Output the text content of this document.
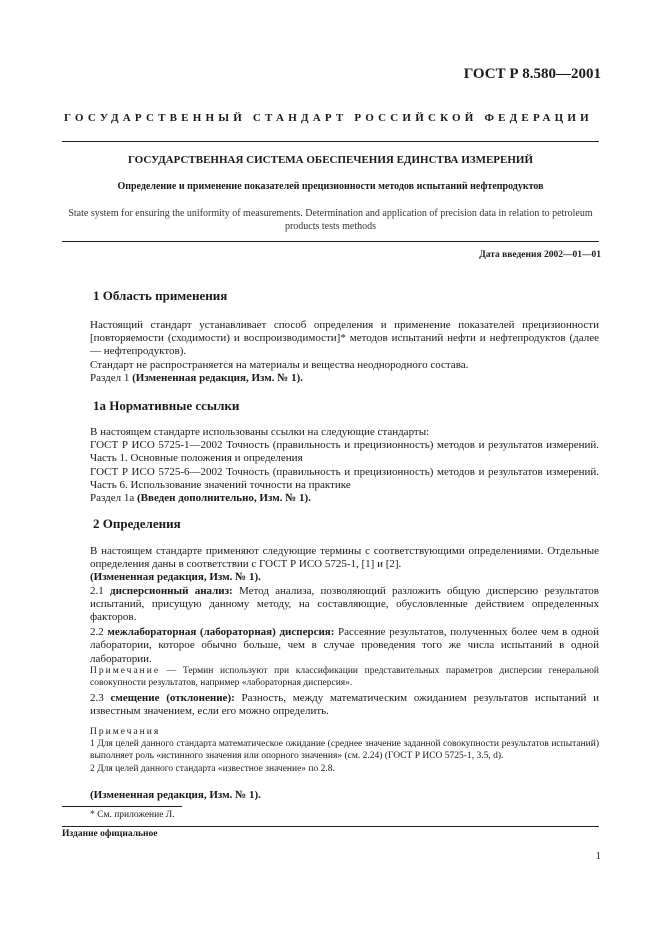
ГОСТ Р 8.580—2001
ГОСУДАРСТВЕННЫЙ СТАНДАРТ РОССИЙСКОЙ ФЕДЕРАЦИИ
ГОСУДАРСТВЕННАЯ СИСТЕМА ОБЕСПЕЧЕНИЯ ЕДИНСТВА ИЗМЕРЕНИЙ
Определение и применение показателей прецизионности методов испытаний нефтепродуктов
State system for ensuring the uniformity of measurements. Determination and application of precision data in relation to petroleum products tests methods
Дата введения 2002—01—01
1 Область применения
Настоящий стандарт устанавливает способ определения и применение показателей прецизионности [повторяемости (сходимости) и воспроизводимости]* методов испытаний нефти и нефтепродуктов (далее — нефтепродуктов).
Стандарт не распространяется на материалы и вещества неоднородного состава.
Раздел 1 (Измененная редакция, Изм. № 1).
1а Нормативные ссылки
В настоящем стандарте использованы ссылки на следующие стандарты:
ГОСТ Р ИСО 5725-1—2002 Точность (правильность и прецизионность) методов и результатов измерений. Часть 1. Основные положения и определения
ГОСТ Р ИСО 5725-6—2002 Точность (правильность и прецизионность) методов и результатов измерений. Часть 6. Использование значений точности на практике
Раздел 1а (Введен дополнительно, Изм. № 1).
2 Определения
В настоящем стандарте применяют следующие термины с соответствующими определениями. Отдельные определения даны в соответствии с ГОСТ Р ИСО 5725-1, [1] и [2].
(Измененная редакция, Изм. № 1).
2.1 дисперсионный анализ: Метод анализа, позволяющий разложить общую дисперсию результатов испытаний, присущую данному методу, на составляющие, обусловленные действием определенных факторов.
2.2 межлабораторная (лабораторная) дисперсия: Рассеяние результатов, полученных более чем в одной лаборатории, которое обычно больше, чем в случае проведения того же числа испытаний в одной лаборатории.
Примечание — Термин используют при классификации представительных параметров дисперсии генеральной совокупности результатов, например «лабораторная дисперсия».
2.3 смещение (отклонение): Разность, между математическим ожиданием результатов испытаний и известным значением, если его можно определить.
Примечания
1 Для целей данного стандарта математическое ожидание (среднее значение заданной совокупности результатов испытаний) выполняет роль «истинного значения или опорного значения» (см. 2.24) (ГОСТ Р ИСО 5725-1, 3.5, d).
2 Для целей данного стандарта «известное значение» по 2.8.
(Измененная редакция, Изм. № 1).
* См. приложение Л.
Издание официальное
1
